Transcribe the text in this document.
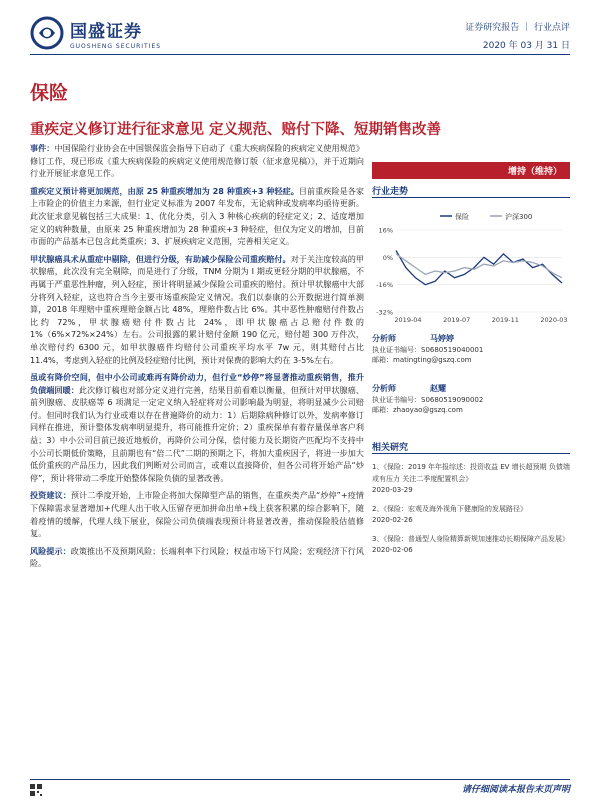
国盛证券
GUOSHENG SECURITIES
证券研究报告 ｜ 行业点评
2020 年 03 月 31 日
保险
重疾定义修订进行征求意见 定义规范、赔付下降、短期销售改善

事件：中国保险行业协会在中国银保监会指导下启动了《重大疾病保险的疾病定义使用规范》修订工作，现已形成《重大疾病保险的疾病定义使用规范修订版（征求意见稿）》，并于近期向行业开展征求意见工作。

重疾定义预计将更加规范，由原 25 种重疾增加为 28 种重疾+3 种轻症。目前重疾险是各家上市险企的价值主力来源，但行业定义标准为 2007 年发布，无论病种或发病率均亟待更新。此次征求意见稿包括三大成果：1、优化分类，引入 3 种核心疾病的轻症定义；2、适度增加定义的病种数量，由原来 25 种重疾增加为 28 种重疾+3 种轻症，但仅为定义的增加，目前市面的产品基本已包含此类重疾；3、扩展疾病定义范围，完善相关定义。

甲状腺癌具术从重症中剔除，但进行分级，有助减少保险公司重疾赔付。对于关注度较高的甲状腺癌，此次没有完全剔除，而是进行了分级，TNM 分期为 I 期或更轻分期的甲状腺癌，不再属于严重恶性肿瘤，列入轻症，预计将明显减少保险公司重疾的赔付。预计甲状腺癌中大部分将列入轻症，这也符合当今主要市场重疾险定义情况。我们以泰康的公开数据进行简单测算，2018 年理赔中重疾理赔金额占比 48%，理赔件数占比 6%。其中恶性肿瘤赔付件数占比约 72%，甲状腺癌赔付件数占比 24%，即甲状腺癌占总赔付件数的 1%（6%×72%×24%）左右。公司报露的累计赔付金额 190 亿元，赔付超 300 万件次，单次赔付约 6300 元，如甲状腺癌件均赔付公司重疾平均水平 7w 元，则其赔付占比 11.4%，考虑到入轻症的比例及轻症赔付比例，预计对保费的影响大约在 3-5%左右。

虽或有降价空间，但中小公司或难再有降价动力，但行业“炒停”将显著推动重疾销售，推升负债端回暖：此次修订稿也对部分定义进行完善，结果目前看难以衡量，但预计对甲状腺癌、前列腺癌、皮肤癌等 6 项满足一定定义纳入轻症将对公司影响最为明显，将明显减少公司赔付。但同时我们认为行业或难以存在普遍降价的动力：1）后期除病种修订以外，发病率修订同样在推进，预计整体发病率明显提升，将可能推升定价；2）重疾保单有着存量保单客户利益；3）中小公司目前已接近地板价，再降价公司分保，偿付能力及长期资产匹配均不支持中小公司长期低价策略，且前期也有“倍二代”二期的预期之下，将加大重疾因子，将进一步加大低价重疾的产品压力，因此我们判断对公司而言，或难以直接降价，但各公司将开始产品“炒停”，预计将带动二季度开始整体保险负债的显著改善。

投资建议：预计二季度开始，上市险企将加大保障型产品的销售，在重疾类产品“炒停”+疫情下保障需求显著增加+代理人出于收入压留存更加拼命出单+线上获客积累的综合影响下，随着疫情的缓解，代理人线下展业，保险公司负债端表现预计将显著改善，推动保险股估值修复。

风险提示：政策推出不及预期风险；长端利率下行风险；权益市场下行风险；宏观经济下行风险。

增持（维持）
行业走势
保险	沪深300
16%
0%
-16%
-32%
2019-04	2019-07	2019-11	2020-03
分析师	马婷婷
执业证书编号： S0680519040001
邮箱： matingting@gszq.com
分析师	赵耀
执业证书编号： S0680519090002
邮箱： zhaoyao@gszq.com
相关研究
1、《保险：2019 年年报综述：投资收益 EV 增长超预期 负债端或有压力 关注二季度配置机会》
2020-03-29
2、《保险：宏观及海外视角下健康险的发展路径》
2020-02-26
3、《保险：普通型人身险精算新规加速推动长期保障产品发展》
2020-02-06
请仔细阅读本报告末页声明
